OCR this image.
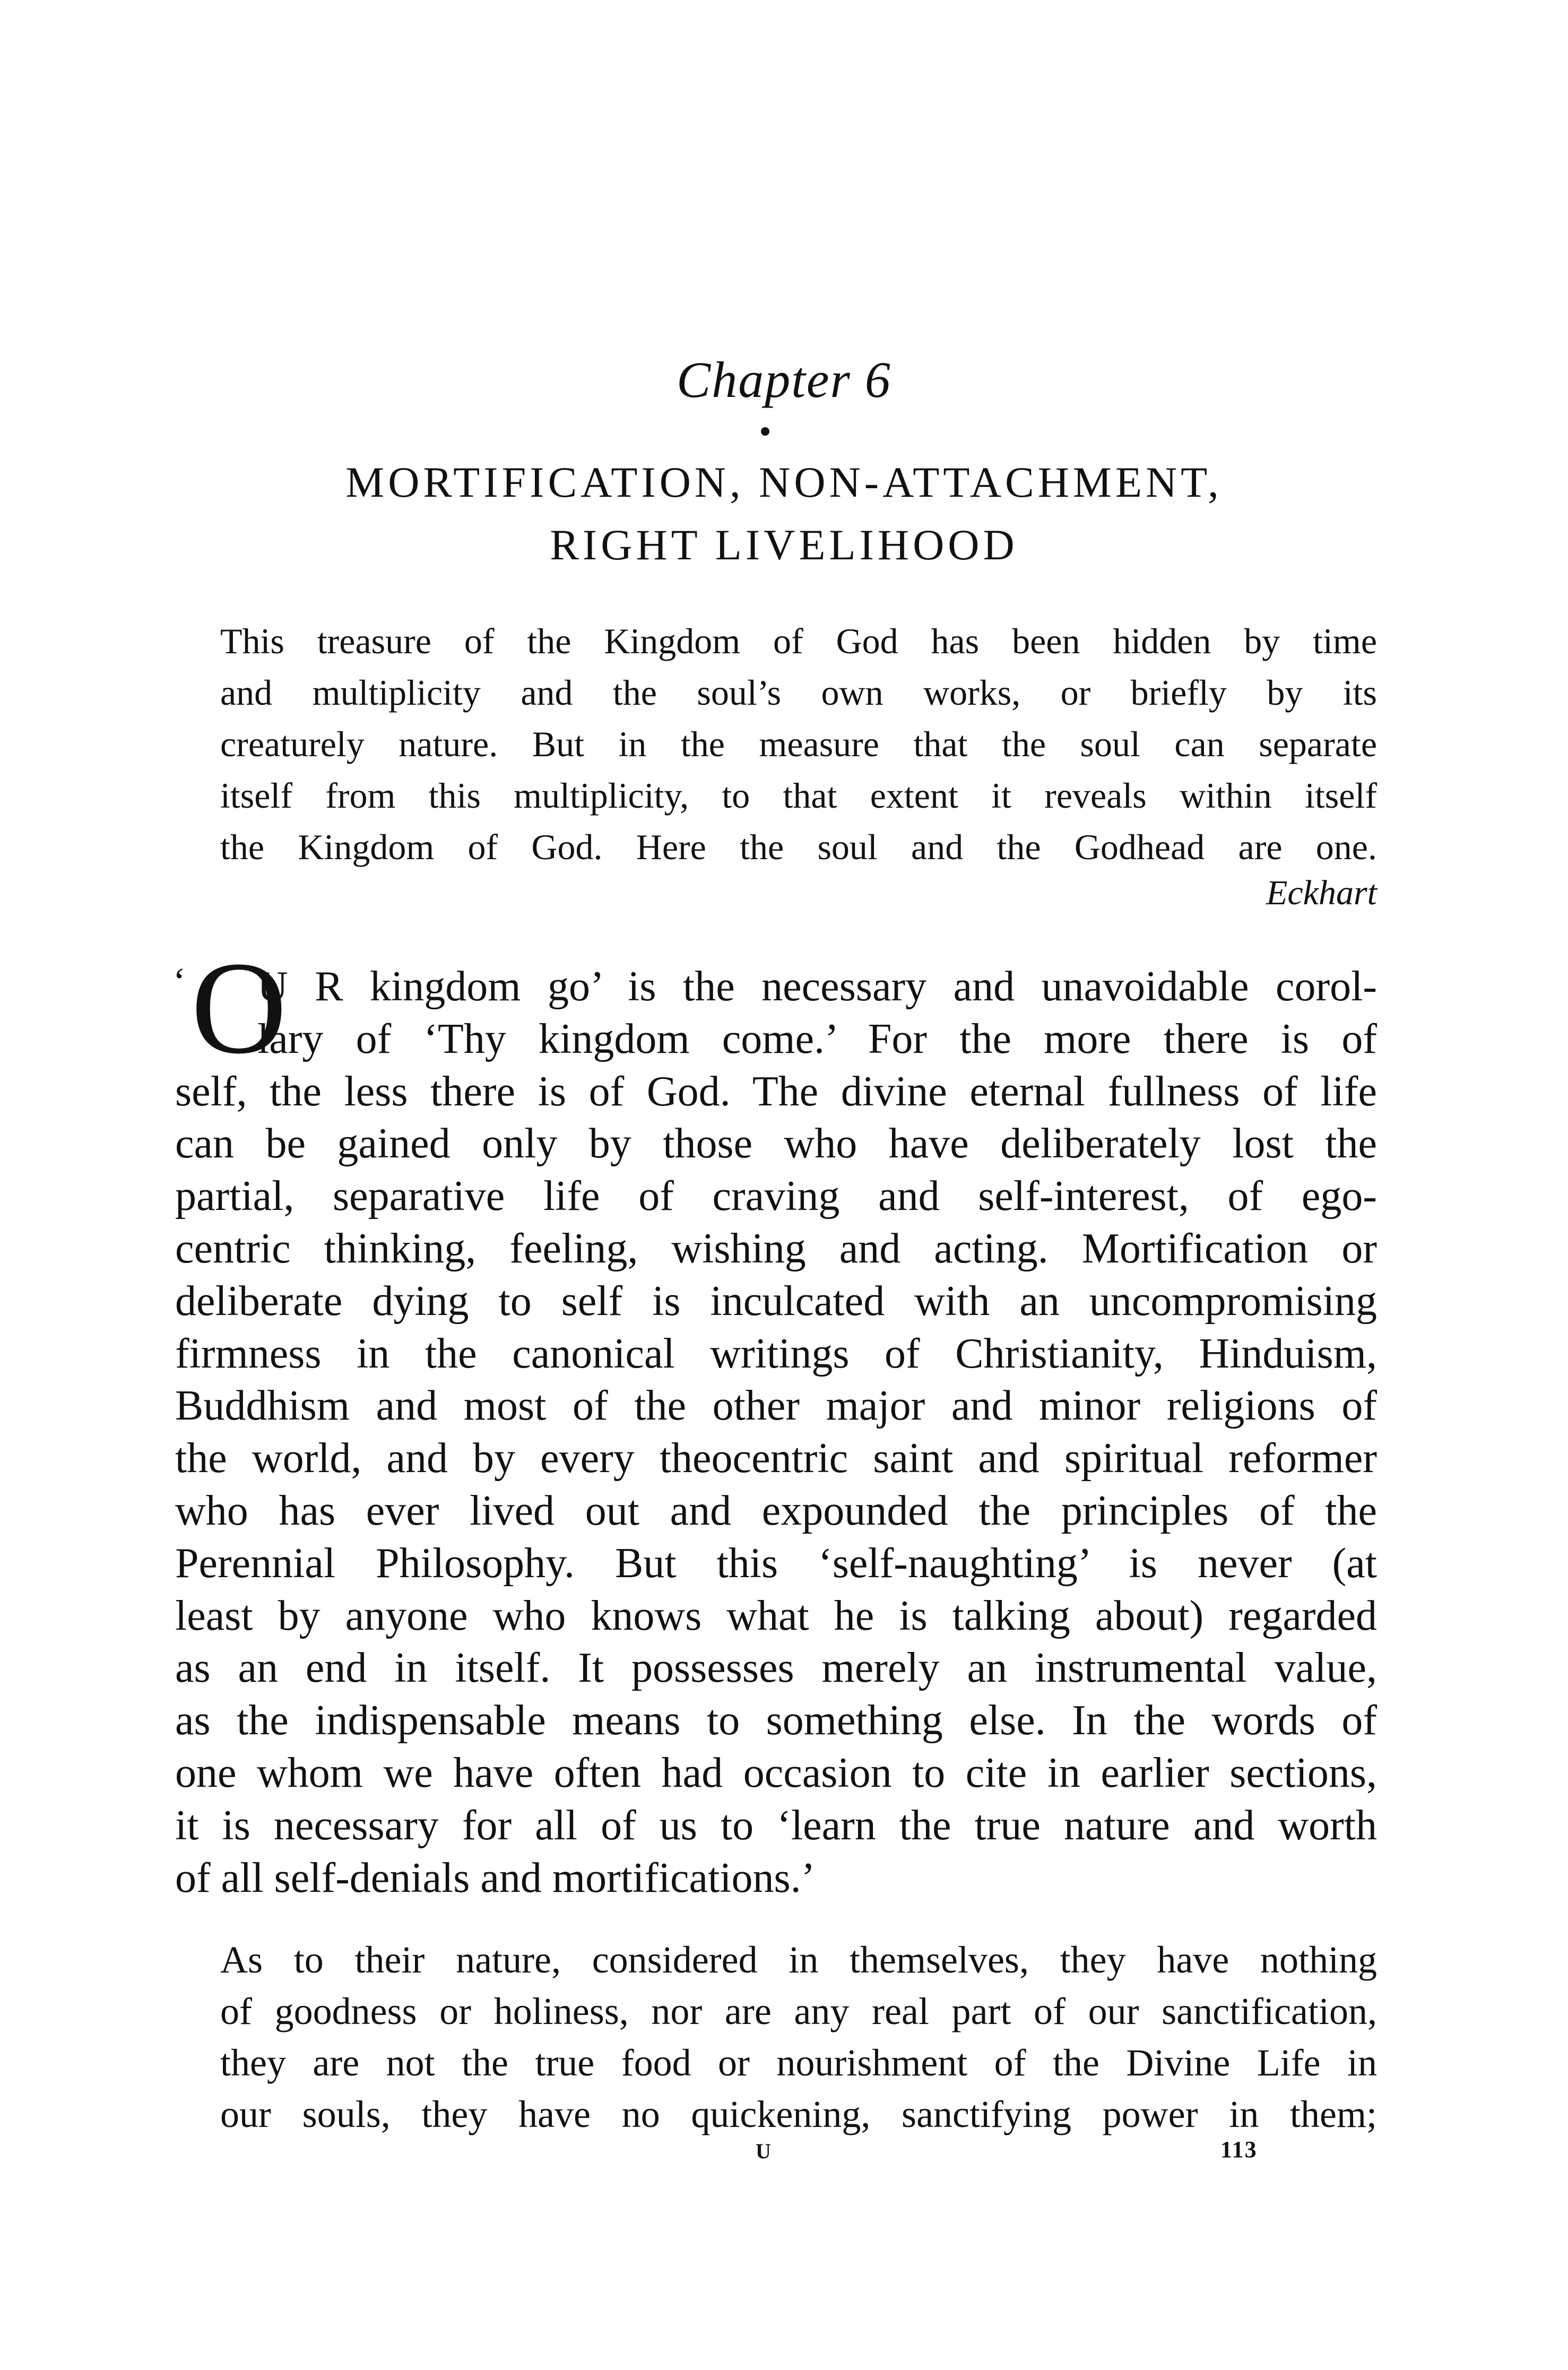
Chapter 6
MORTIFICATION, NON-ATTACHMENT,
RIGHT LIVELIHOOD
This treasure of the Kingdom of God has been hidden by time
and multiplicity and the soul’s own works, or briefly by its
creaturely nature. But in the measure that the soul can separate
itself from this multiplicity, to that extent it reveals within itself
the Kingdom of God. Here the soul and the Godhead are one.
Eckhart
‘ O
U R kingdom go’ is the necessary and unavoidable corol-
lary of ‘Thy kingdom come.’ For the more there is of
self, the less there is of God. The divine eternal fullness of life
can be gained only by those who have deliberately lost the
partial, separative life of craving and self-interest, of ego-
centric thinking, feeling, wishing and acting. Mortification or
deliberate dying to self is inculcated with an uncompromising
firmness in the canonical writings of Christianity, Hinduism,
Buddhism and most of the other major and minor religions of
the world, and by every theocentric saint and spiritual reformer
who has ever lived out and expounded the principles of the
Perennial Philosophy. But this ‘self-naughting’ is never (at
least by anyone who knows what he is talking about) regarded
as an end in itself. It possesses merely an instrumental value,
as the indispensable means to something else. In the words of
one whom we have often had occasion to cite in earlier sections,
it is necessary for all of us to ‘learn the true nature and worth
of all self-denials and mortifications.’
As to their nature, considered in themselves, they have nothing
of goodness or holiness, nor are any real part of our sanctification,
they are not the true food or nourishment of the Divine Life in
our souls, they have no quickening, sanctifying power in them;
U	113
